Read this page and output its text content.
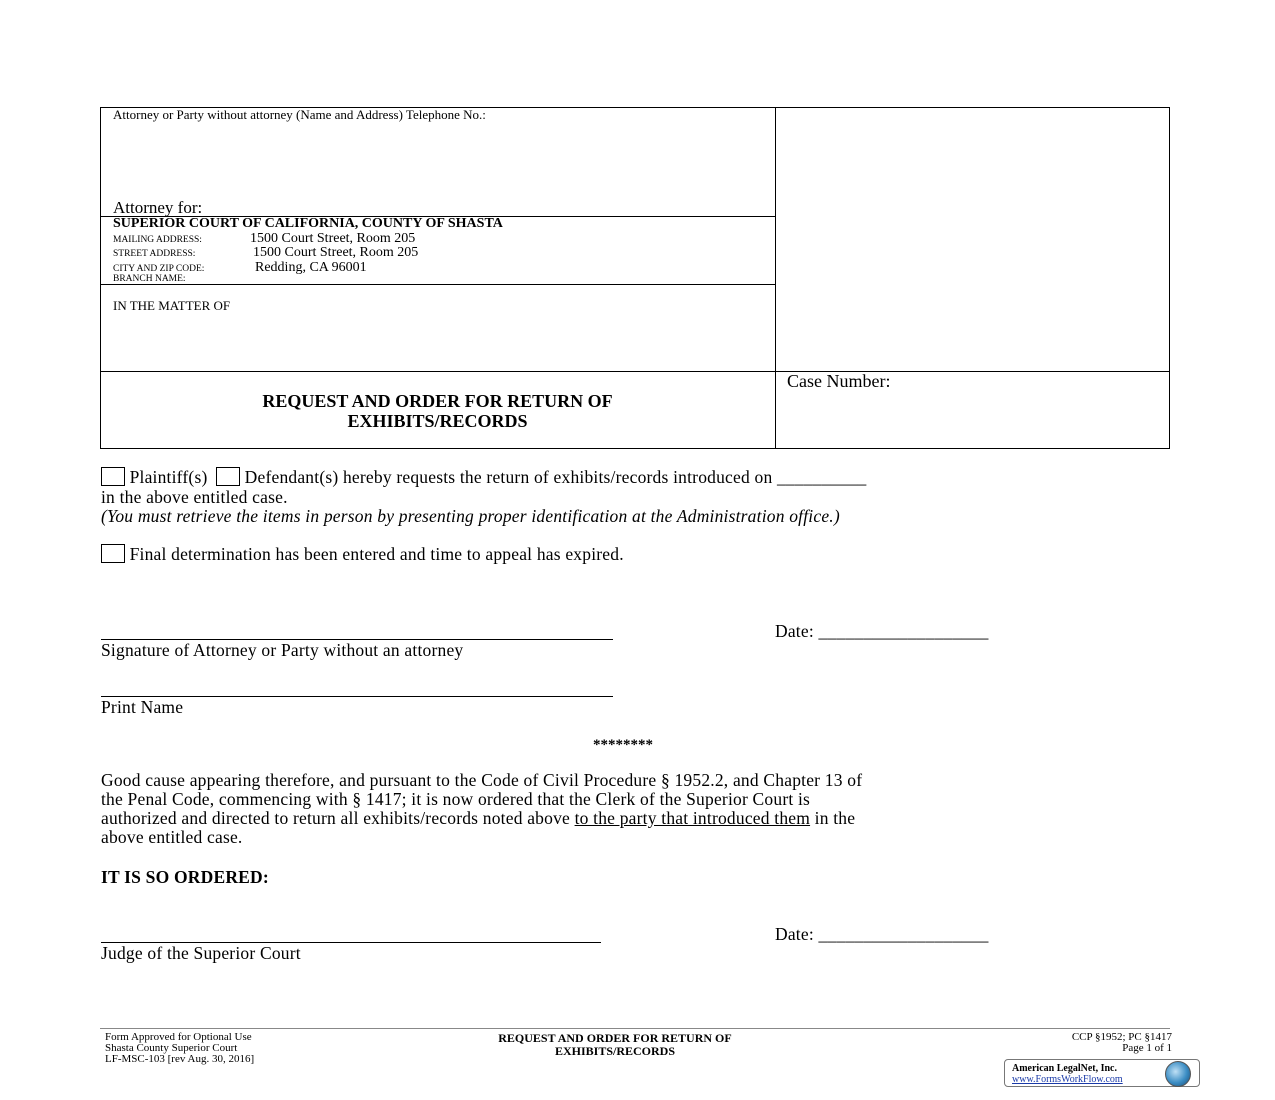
Attorney or Party without attorney (Name and Address) Telephone No.:
Attorney for:
SUPERIOR COURT OF CALIFORNIA, COUNTY OF SHASTA
MAILING ADDRESS:	1500 Court Street, Room 205
STREET ADDRESS:	1500 Court Street, Room 205
CITY AND ZIP CODE:	Redding, CA 96001
BRANCH NAME:
IN THE MATTER OF
REQUEST AND ORDER FOR RETURN OF
EXHIBITS/RECORDS
Case Number:
Plaintiff(s) Defendant(s) hereby requests the return of exhibits/records introduced on __________
in the above entitled case.
(You must retrieve the items in person by presenting proper identification at the Administration office.)
Final determination has been entered and time to appeal has expired.
Date: ___________________
Signature of Attorney or Party without an attorney
Print Name
********
Good cause appearing therefore, and pursuant to the Code of Civil Procedure § 1952.2, and Chapter 13 of
the Penal Code, commencing with § 1417; it is now ordered that the Clerk of the Superior Court is
authorized and directed to return all exhibits/records noted above to the party that introduced them in the
above entitled case.
IT IS SO ORDERED:
Date: ___________________
Judge of the Superior Court
Form Approved for Optional Use
Shasta County Superior Court
LF-MSC-103 [rev Aug. 30, 2016]
REQUEST AND ORDER FOR RETURN OF
EXHIBITS/RECORDS
CCP §1952; PC §1417
Page 1 of 1
American LegalNet, Inc.
www.FormsWorkFlow.com
